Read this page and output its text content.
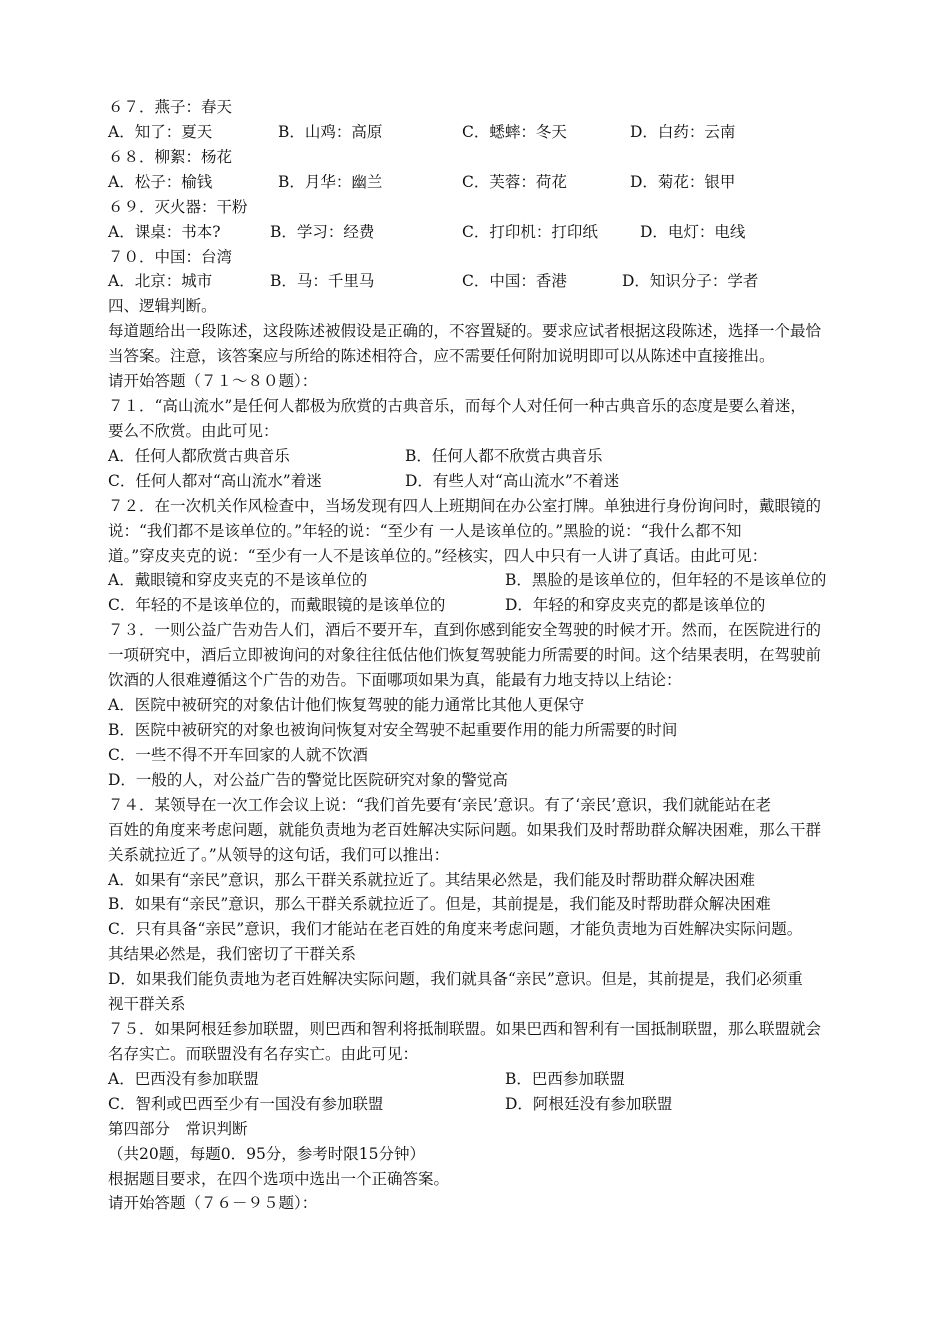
６７．燕子：春天
A．知了：夏天	B．山鸡：高原	C．蟋蟀：冬天	D．白药：云南
６８．柳絮：杨花
A．松子：榆钱	B．月华：幽兰	C．芙蓉：荷花	D．菊花：银甲
６９．灭火器：干粉
A．课桌：书本?	B．学习：经费	C．打印机：打印纸	D．电灯：电线
７０．中国：台湾
A．北京：城市	B．马：千里马	C．中国：香港	D．知识分子：学者
四、逻辑判断。
每道题给出一段陈述，这段陈述被假设是正确的，不容置疑的。要求应试者根据这段陈述，选择一个最恰
当答案。注意，该答案应与所给的陈述相符合，应不需要任何附加说明即可以从陈述中直接推出。
请开始答题（７１～８０题）：
７１．“高山流水”是任何人都极为欣赏的古典音乐，而每个人对任何一种古典音乐的态度是要么着迷，
要么不欣赏。由此可见：
A．任何人都欣赏古典音乐	B．任何人都不欣赏古典音乐
C．任何人都对“高山流水”着迷	D．有些人对“高山流水”不着迷
７２．在一次机关作风检查中，当场发现有四人上班期间在办公室打牌。单独进行身份询问时，戴眼镜的
说：“我们都不是该单位的。”年轻的说：“至少有 一人是该单位的。”黑脸的说：“我什么都不知
道。”穿皮夹克的说：“至少有一人不是该单位的。”经核实，四人中只有一人讲了真话。由此可见：
A．戴眼镜和穿皮夹克的不是该单位的	B．黑脸的是该单位的，但年轻的不是该单位的
C．年轻的不是该单位的，而戴眼镜的是该单位的	D．年轻的和穿皮夹克的都是该单位的
７３．一则公益广告劝告人们，酒后不要开车，直到你感到能安全驾驶的时候才开。然而，在医院进行的
一项研究中，酒后立即被询问的对象往往低估他们恢复驾驶能力所需要的时间。这个结果表明，在驾驶前
饮酒的人很难遵循这个广告的劝告。下面哪项如果为真，能最有力地支持以上结论：
A．医院中被研究的对象估计他们恢复驾驶的能力通常比其他人更保守
B．医院中被研究的对象也被询问恢复对安全驾驶不起重要作用的能力所需要的时间
C．一些不得不开车回家的人就不饮酒
D．一般的人，对公益广告的警觉比医院研究对象的警觉高
７４．某领导在一次工作会议上说：“我们首先要有‘亲民’意识。有了‘亲民’意识，我们就能站在老
百姓的角度来考虑问题，就能负责地为老百姓解决实际问题。如果我们及时帮助群众解决困难，那么干群
关系就拉近了。”从领导的这句话，我们可以推出：
A．如果有“亲民”意识，那么干群关系就拉近了。其结果必然是，我们能及时帮助群众解决困难
B．如果有“亲民”意识，那么干群关系就拉近了。但是，其前提是，我们能及时帮助群众解决困难
C．只有具备“亲民”意识，我们才能站在老百姓的角度来考虑问题，才能负责地为百姓解决实际问题。
其结果必然是，我们密切了干群关系
D．如果我们能负责地为老百姓解决实际问题，我们就具备“亲民”意识。但是，其前提是，我们必须重
视干群关系
７５．如果阿根廷参加联盟，则巴西和智利将抵制联盟。如果巴西和智利有一国抵制联盟，那么联盟就会
名存实亡。而联盟没有名存实亡。由此可见：
A．巴西没有参加联盟	B．巴西参加联盟
C．智利或巴西至少有一国没有参加联盟	D．阿根廷没有参加联盟
第四部分　常识判断
（共20题，每题0．95分，参考时限15分钟）
根据题目要求，在四个选项中选出一个正确答案。
请开始答题（７６－９５题）：
